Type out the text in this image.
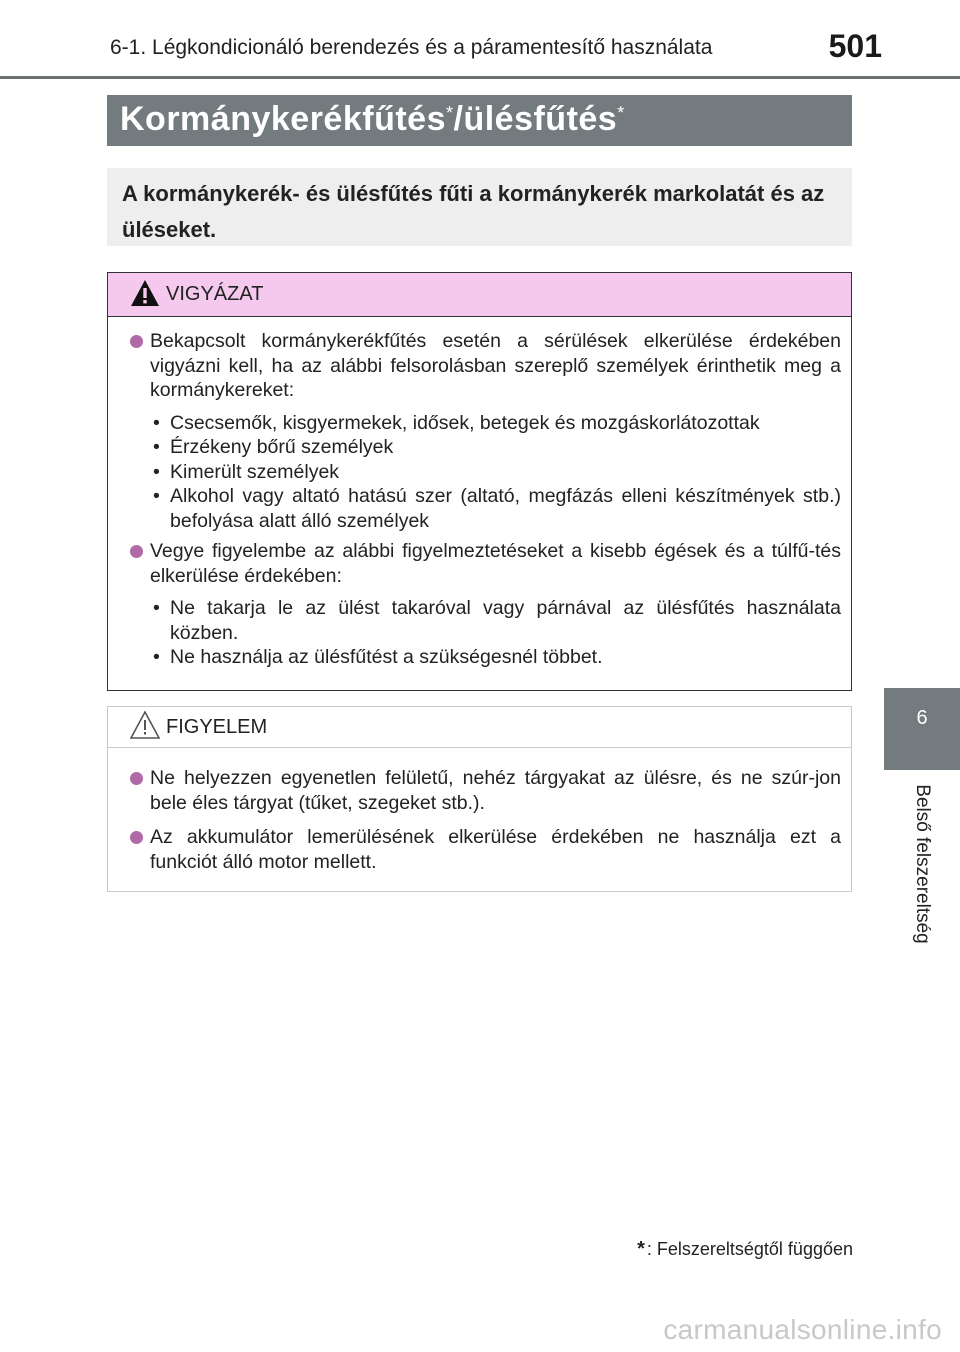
6-1. Légkondicionáló berendezés és a páramentesítő használata	501
Kormánykerékfűtés*/ülésfűtés*
A kormánykerék- és ülésfűtés fűti a kormánykerék markolatát és az üléseket.
VIGYÁZAT
Bekapcsolt kormánykerékfűtés esetén a sérülések elkerülése érdekében vigyázni kell, ha az alábbi felsorolásban szereplő személyek érinthetik meg a kormánykereket:
• Csecsemők, kisgyermekek, idősek, betegek és mozgáskorlátozottak
• Érzékeny bőrű személyek
• Kimerült személyek
• Alkohol vagy altató hatású szer (altató, megfázás elleni készítmények stb.) befolyása alatt álló személyek
Vegye figyelembe az alábbi figyelmeztetéseket a kisebb égések és a túlfű-tés elkerülése érdekében:
• Ne takarja le az ülést takaróval vagy párnával az ülésfűtés használata közben.
• Ne használja az ülésfűtést a szükségesnél többet.
FIGYELEM
Ne helyezzen egyenetlen felületű, nehéz tárgyakat az ülésre, és ne szúr-jon bele éles tárgyat (tűket, szegeket stb.).
Az akkumulátor lemerülésének elkerülése érdekében ne használja ezt a funkciót álló motor mellett.
6
Belső felszereltség
* : Felszereltségtől függően
carmanualsonline.info
